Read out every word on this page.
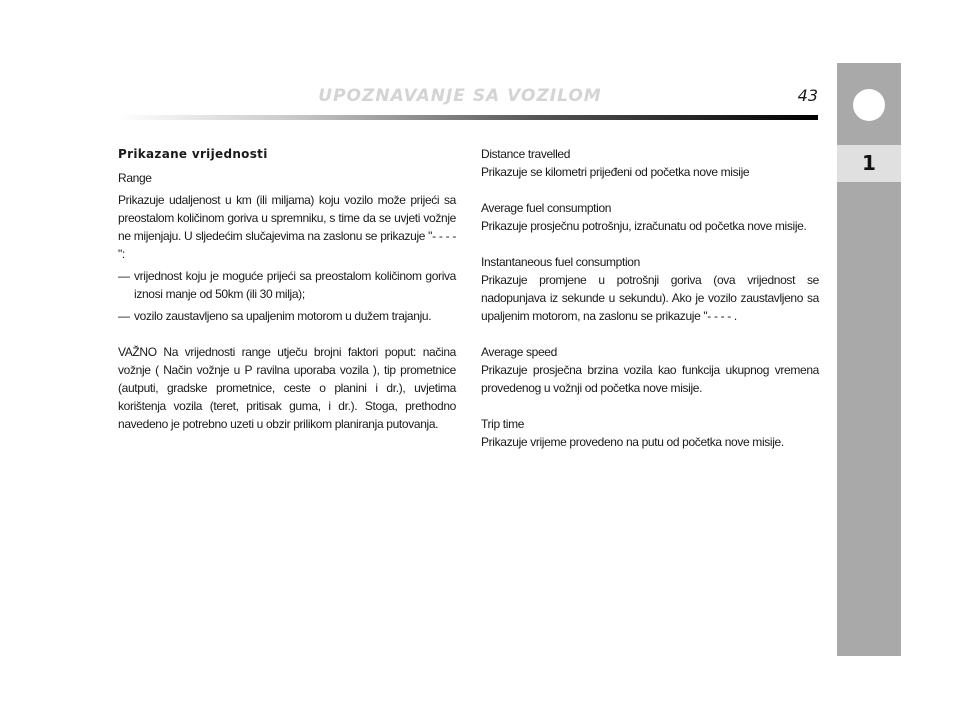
UPOZNAVANJE SA VOZILOM	43
1

Prikazane vrijednosti

Range

Prikazuje udaljenost u km (ili miljama) koju vozilo može prijeći sa preostalom količinom goriva u spremniku, s time da se uvjeti vožnje ne mijenjaju. U sljedećim slučajevima na zaslonu se prikazuje "- - - - ":

— vrijednost koju je moguće prijeći sa preostalom količinom goriva iznosi manje od 50km (ili 30 milja);
— vozilo zaustavljeno sa upaljenim motorom u dužem trajanju.

VAŽNO Na vrijednosti range utječu brojni faktori poput: načina vožnje ( Način vožnje u P ravilna uporaba vozila ), tip prometnice (autputi, gradske prometnice, ceste o planini i dr.), uvjetima korištenja vozila (teret, pritisak guma, i dr.). Stoga, prethodno navedeno je potrebno uzeti u obzir prilikom planiranja putovanja.

Distance travelled

Prikazuje se kilometri prijeđeni od početka nove misije

Average fuel consumption

Prikazuje prosječnu potrošnju, izračunatu od početka nove misije.

Instantaneous fuel consumption

Prikazuje promjene u potrošnji goriva (ova vrijednost se nadopunjava iz sekunde u sekundu). Ako je vozilo zaustavljeno sa upaljenim motorom, na zaslonu se prikazuje "- - - - .

Average speed

Prikazuje prosječna brzina vozila kao funkcija ukupnog vremena provedenog u vožnji od početka nove misije.

Trip time

Prikazuje vrijeme provedeno na putu od početka nove misije.
